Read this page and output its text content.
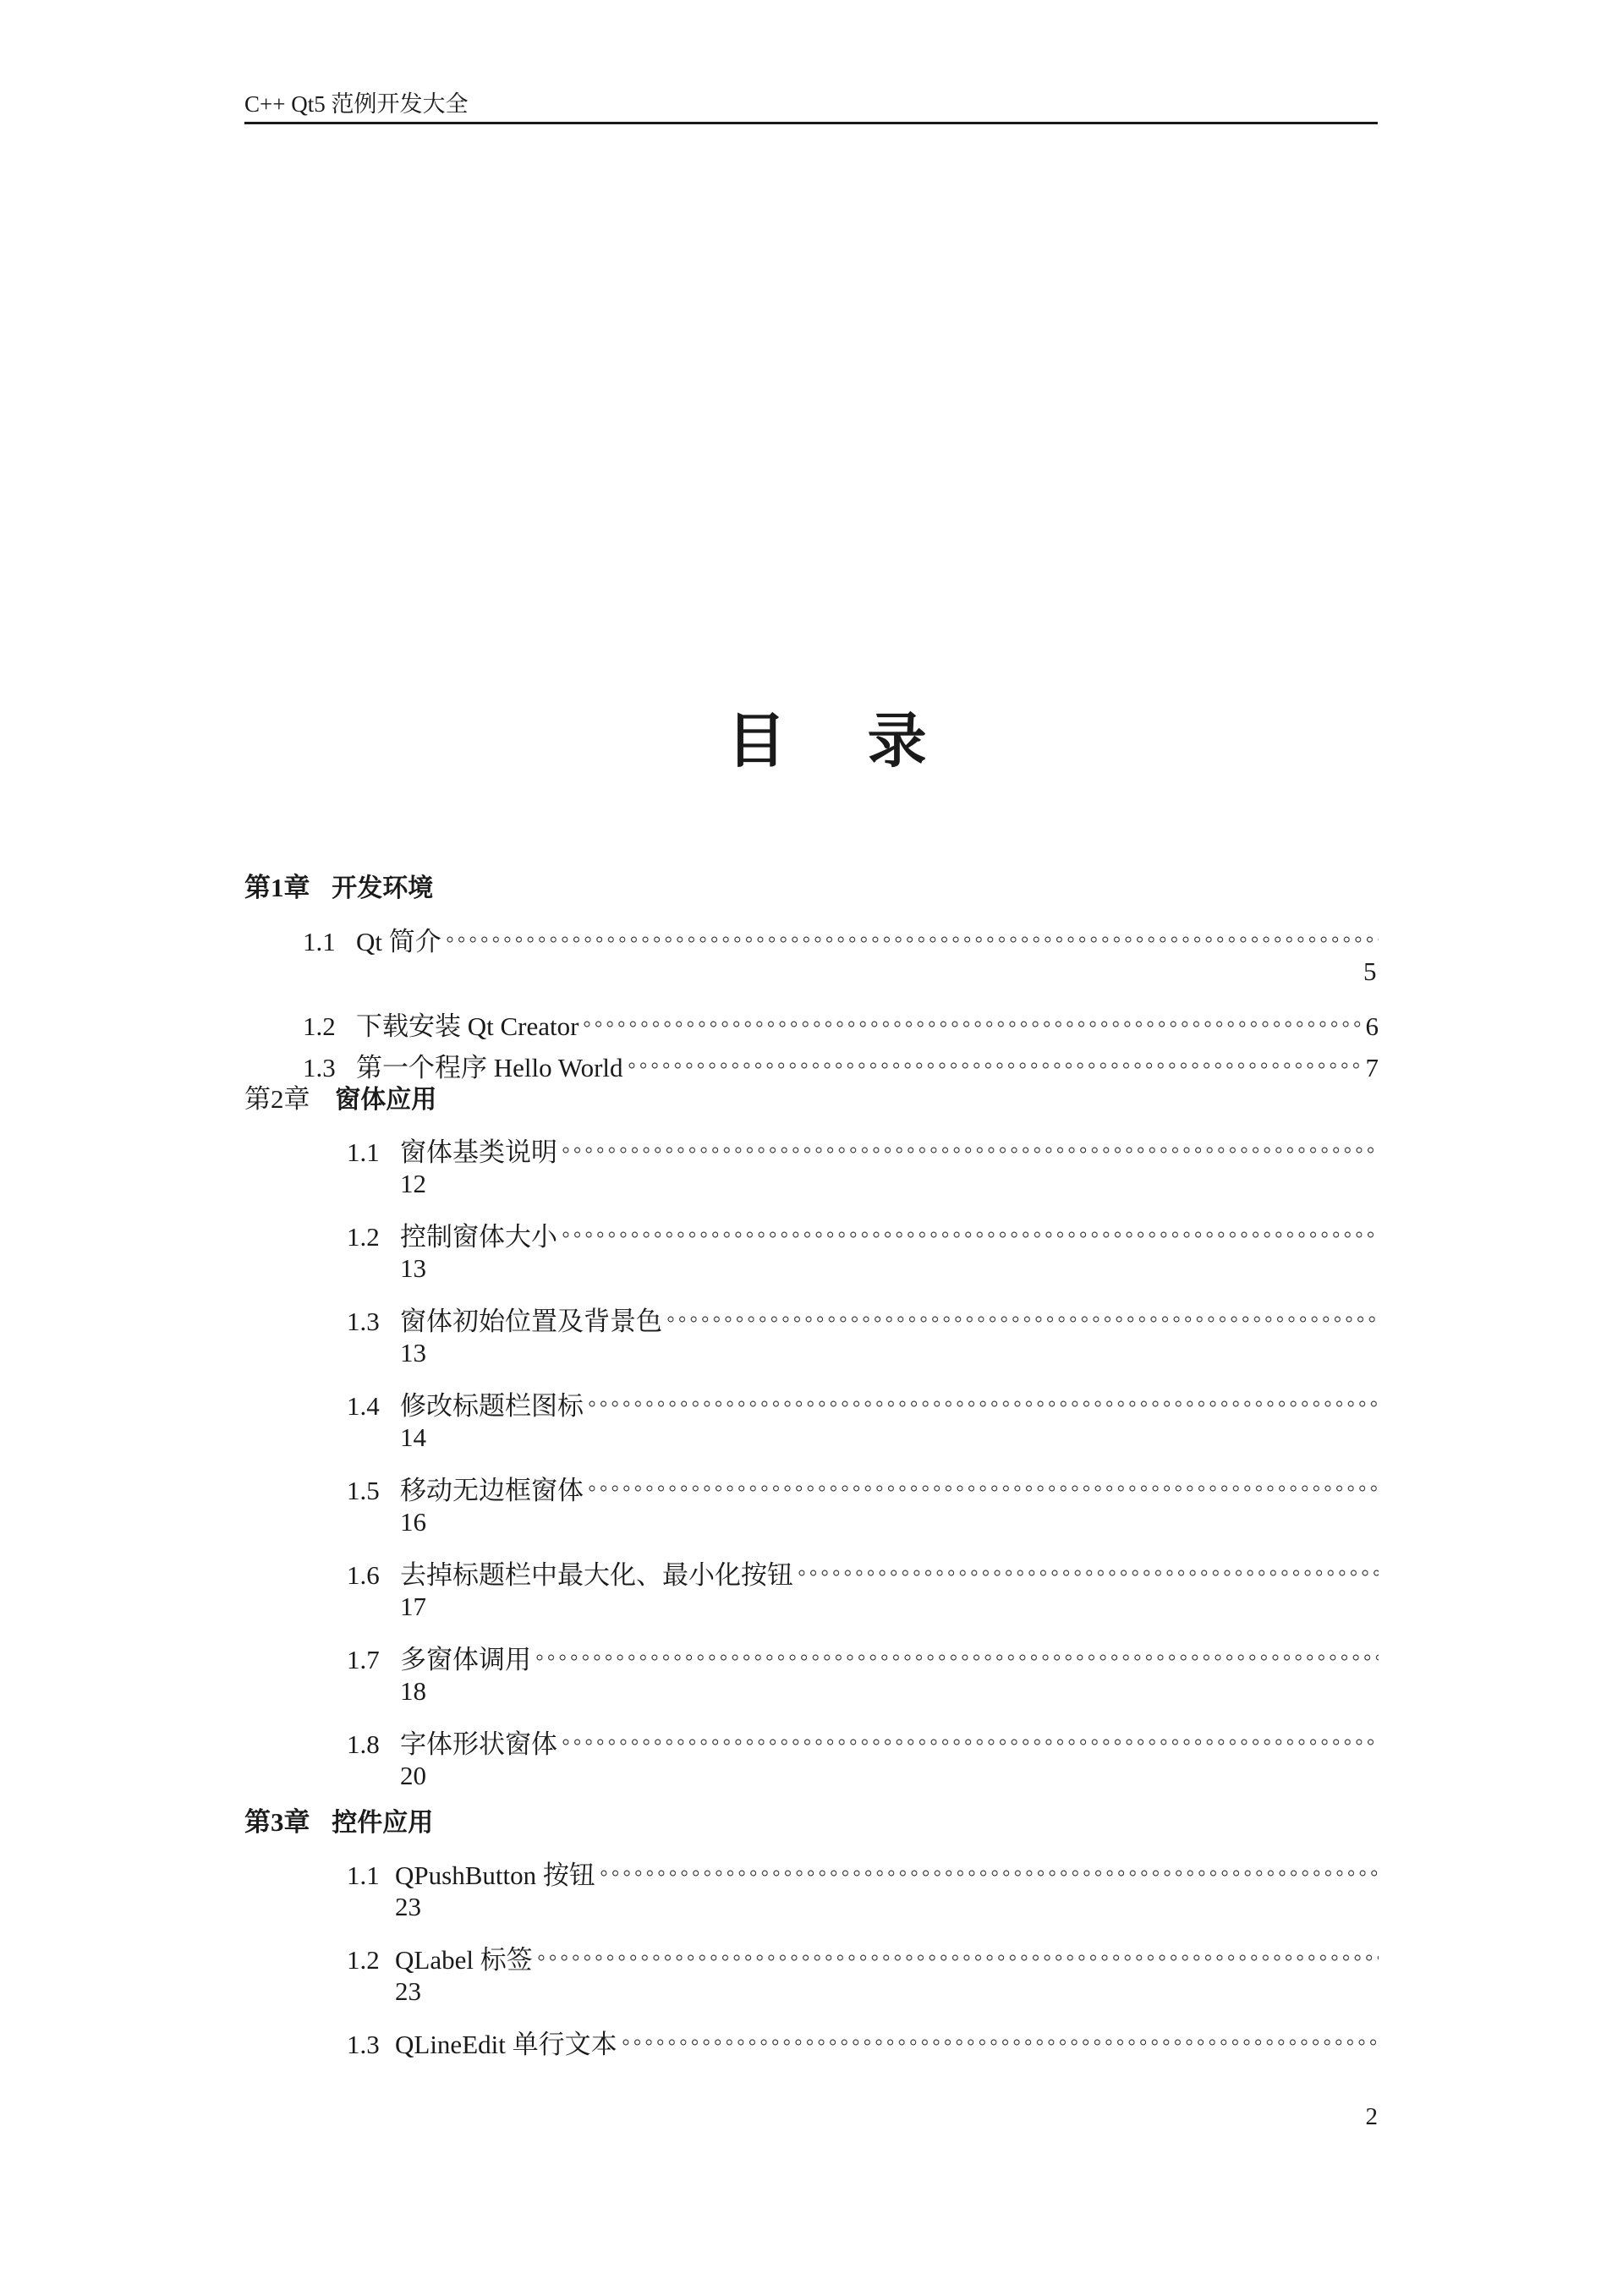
C++ Qt5 范例开发大全
目 录
第1章 开发环境
1.1 Qt 简介
5
1.2 下载安装 Qt Creator	6
1.3 第一个程序 Hello World	7
第2章 窗体应用
1.1 窗体基类说明
12
1.2 控制窗体大小
13
1.3 窗体初始位置及背景色
13
1.4 修改标题栏图标
14
1.5 移动无边框窗体
16
1.6 去掉标题栏中最大化、最小化按钮
17
1.7 多窗体调用
18
1.8 字体形状窗体
20
第3章 控件应用
1.1 QPushButton 按钮
23
1.2 QLabel 标签
23
1.3 QLineEdit 单行文本
2
